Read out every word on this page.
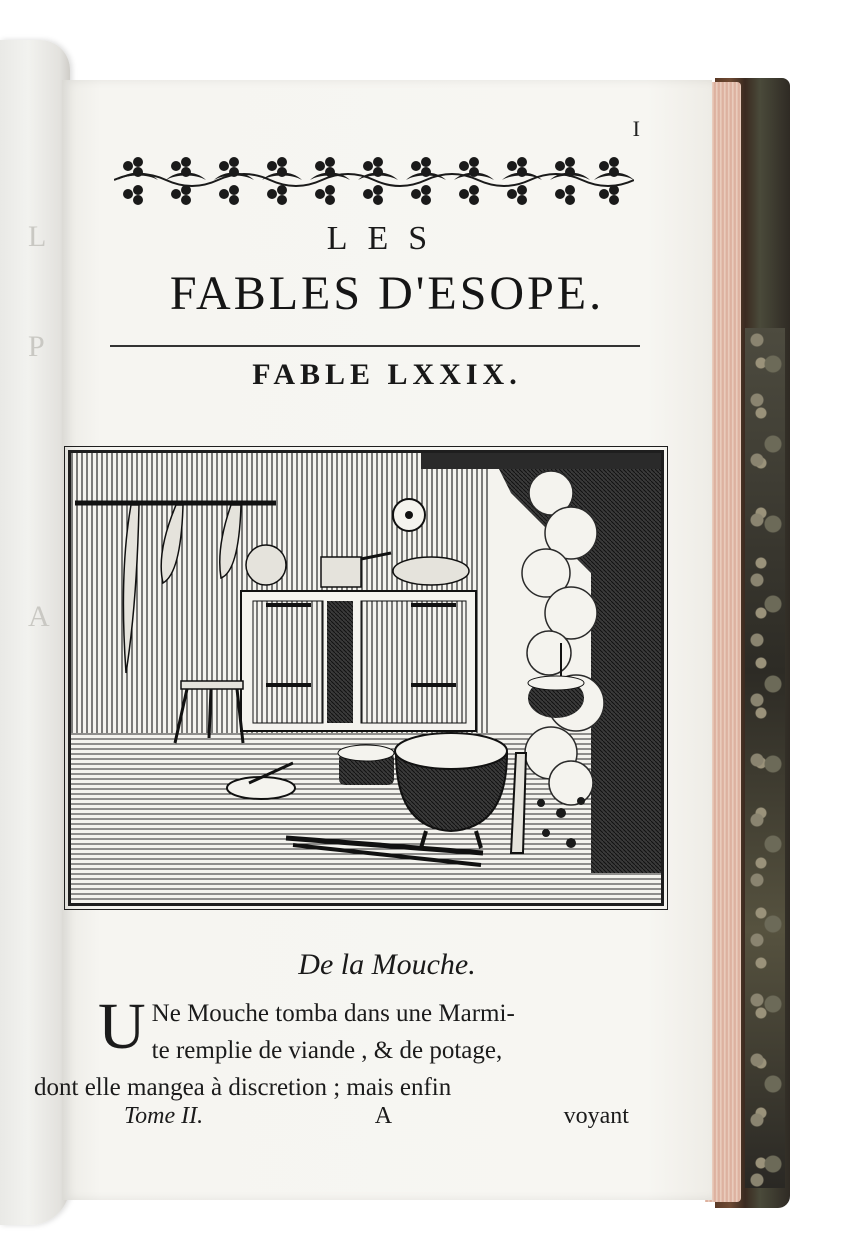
L
P
A
I
LES
FABLES D'ESOPE.
FABLE LXXIX.
De la Mouche.
U Ne Mouche tomba dans une Marmi-
te remplie de viande , & de potage,
dont elle mangea à discretion ; mais enfin
Tome II.	A	voyant
